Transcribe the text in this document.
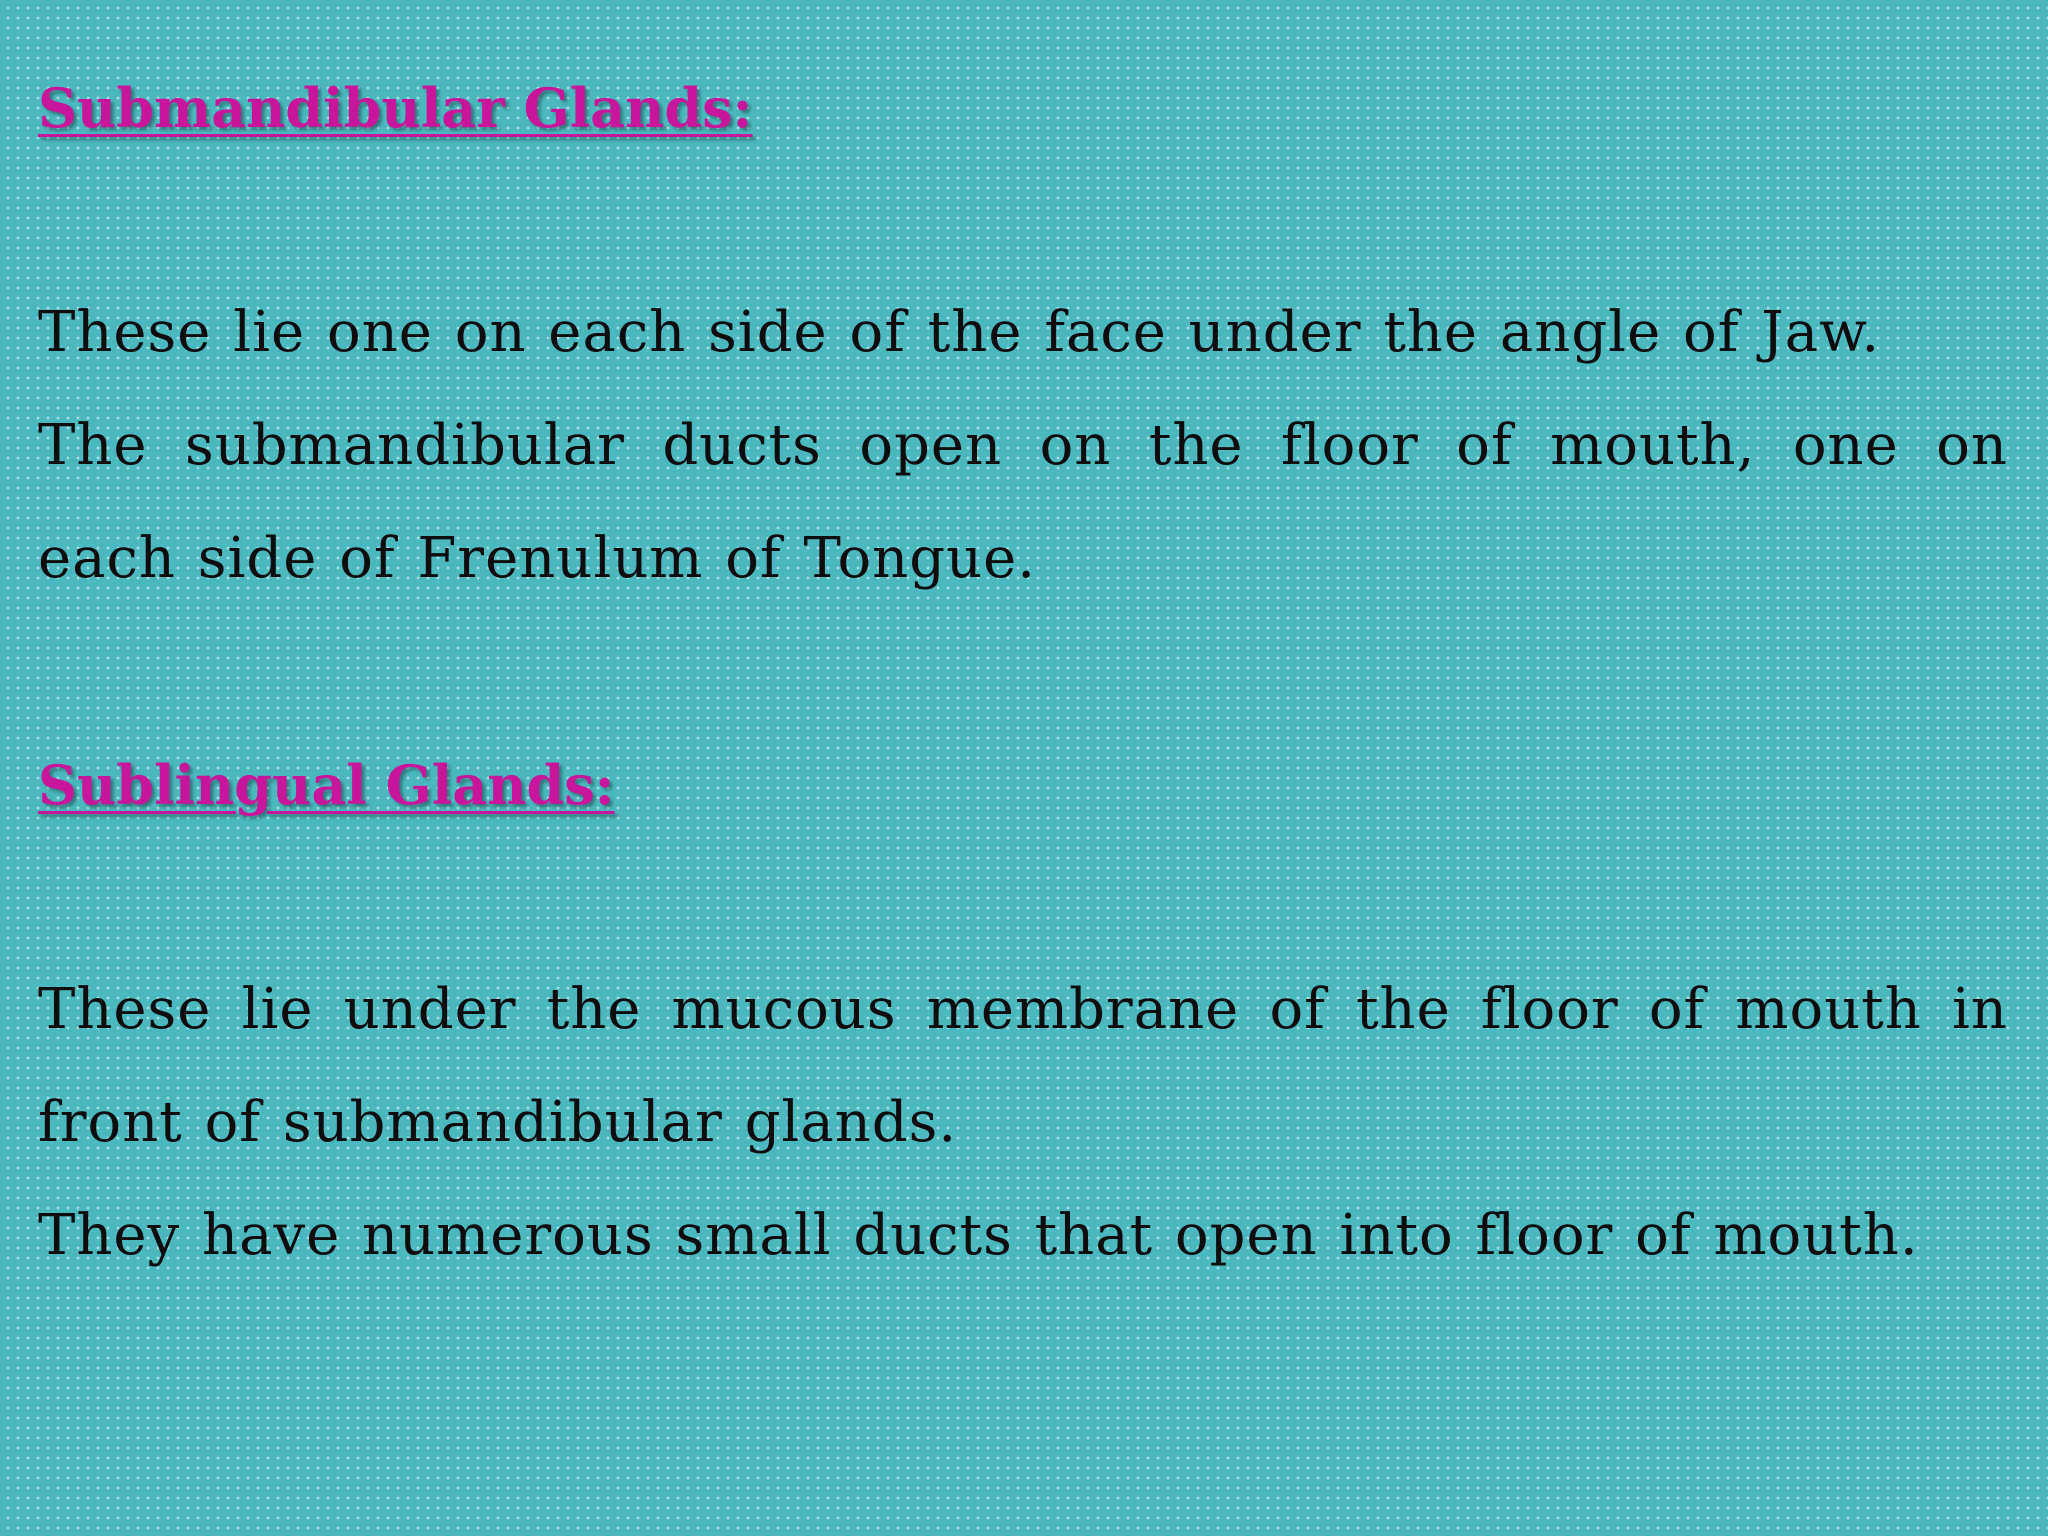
Submandibular Glands:

These lie one on each side of the face under the angle of Jaw.

The submandibular ducts open on the floor of mouth, one on each side of Frenulum of Tongue.

Sublingual Glands:

These lie under the mucous membrane of the floor of mouth in front of submandibular glands.

They have numerous small ducts that open into floor of mouth.
